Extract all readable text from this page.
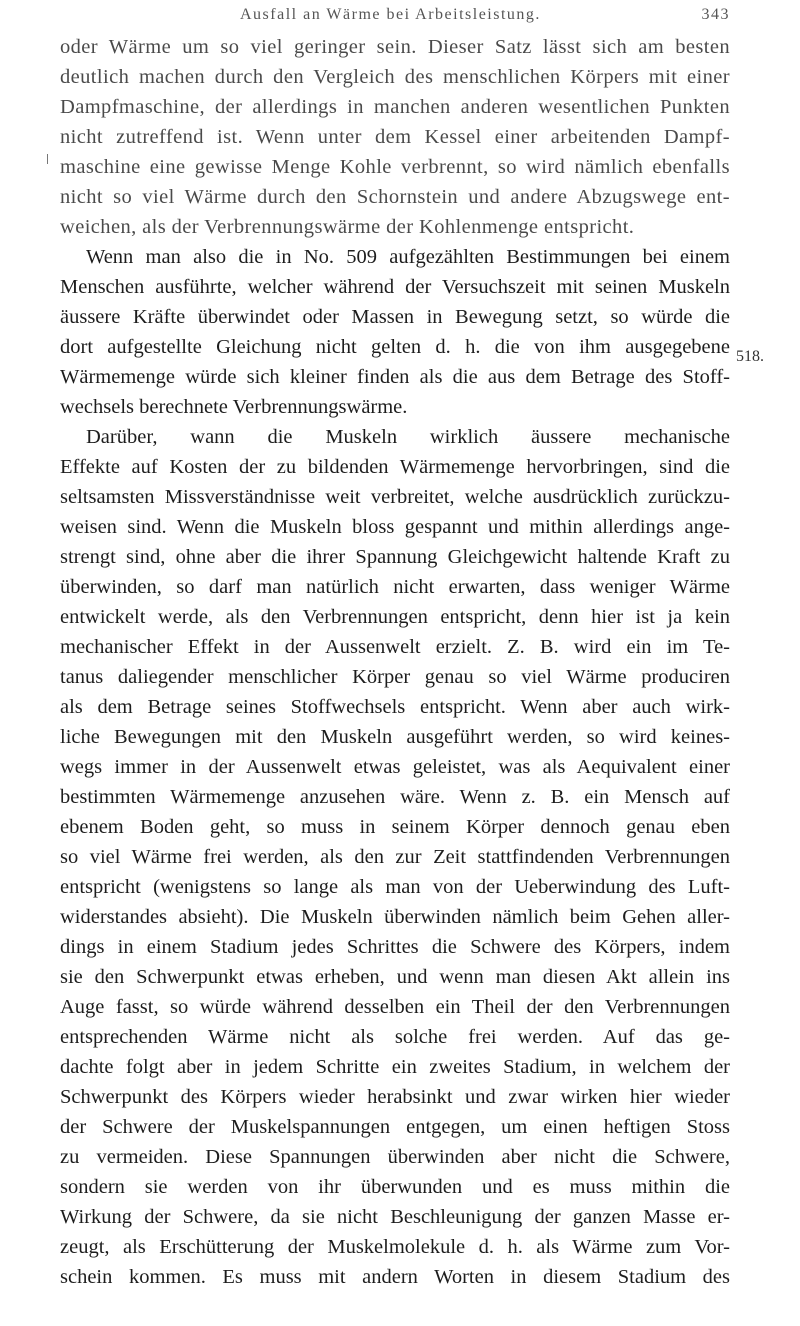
Ausfall an Wärme bei Arbeitsleistung.	343
518.
oder Wärme um so viel geringer sein. Dieser Satz lässt sich am besten
deutlich machen durch den Vergleich des menschlichen Körpers mit einer
Dampfmaschine, der allerdings in manchen anderen wesentlichen Punkten
nicht zutreffend ist. Wenn unter dem Kessel einer arbeitenden Dampf-
maschine eine gewisse Menge Kohle verbrennt, so wird nämlich ebenfalls
nicht so viel Wärme durch den Schornstein und andere Abzugswege ent-
weichen, als der Verbrennungswärme der Kohlenmenge entspricht.
Wenn man also die in No. 509 aufgezählten Bestimmungen bei einem
Menschen ausführte, welcher während der Versuchszeit mit seinen Muskeln
äussere Kräfte überwindet oder Massen in Bewegung setzt, so würde die
dort aufgestellte Gleichung nicht gelten d. h. die von ihm ausgegebene
Wärmemenge würde sich kleiner finden als die aus dem Betrage des Stoff-
wechsels berechnete Verbrennungswärme.
Darüber, wann die Muskeln wirklich äussere mechanische
Effekte auf Kosten der zu bildenden Wärmemenge hervorbringen, sind die
seltsamsten Missverständnisse weit verbreitet, welche ausdrücklich zurückzu-
weisen sind. Wenn die Muskeln bloss gespannt und mithin allerdings ange-
strengt sind, ohne aber die ihrer Spannung Gleichgewicht haltende Kraft zu
überwinden, so darf man natürlich nicht erwarten, dass weniger Wärme
entwickelt werde, als den Verbrennungen entspricht, denn hier ist ja kein
mechanischer Effekt in der Aussenwelt erzielt. Z. B. wird ein im Te-
tanus daliegender menschlicher Körper genau so viel Wärme produciren
als dem Betrage seines Stoffwechsels entspricht. Wenn aber auch wirk-
liche Bewegungen mit den Muskeln ausgeführt werden, so wird keines-
wegs immer in der Aussenwelt etwas geleistet, was als Aequivalent einer
bestimmten Wärmemenge anzusehen wäre. Wenn z. B. ein Mensch auf
ebenem Boden geht, so muss in seinem Körper dennoch genau eben
so viel Wärme frei werden, als den zur Zeit stattfindenden Verbrennungen
entspricht (wenigstens so lange als man von der Ueberwindung des Luft-
widerstandes absieht). Die Muskeln überwinden nämlich beim Gehen aller-
dings in einem Stadium jedes Schrittes die Schwere des Körpers, indem
sie den Schwerpunkt etwas erheben, und wenn man diesen Akt allein ins
Auge fasst, so würde während desselben ein Theil der den Verbrennungen
entsprechenden Wärme nicht als solche frei werden. Auf das ge-
dachte folgt aber in jedem Schritte ein zweites Stadium, in welchem der
Schwerpunkt des Körpers wieder herabsinkt und zwar wirken hier wieder
der Schwere der Muskelspannungen entgegen, um einen heftigen Stoss
zu vermeiden. Diese Spannungen überwinden aber nicht die Schwere,
sondern sie werden von ihr überwunden und es muss mithin die
Wirkung der Schwere, da sie nicht Beschleunigung der ganzen Masse er-
zeugt, als Erschütterung der Muskelmolekule d. h. als Wärme zum Vor-
schein kommen. Es muss mit andern Worten in diesem Stadium des
